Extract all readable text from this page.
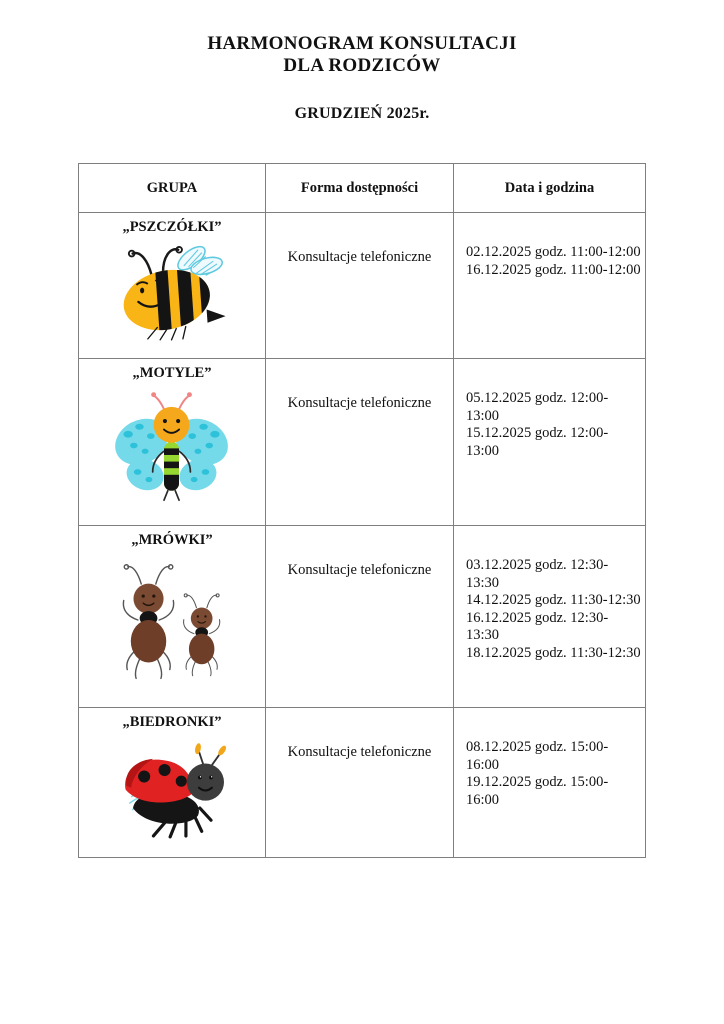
HARMONOGRAM KONSULTACJI
DLA RODZICÓW
GRUDZIEŃ 2025r.
GRUPA	Forma dostępności	Data i godzina

„PSZCZÓŁKI”	Konsultacje telefoniczne	02.12.2025 godz. 11:00-12:00
16.12.2025 godz. 11:00-12:00

„MOTYLE”	Konsultacje telefoniczne	05.12.2025 godz. 12:00-13:00
15.12.2025 godz. 12:00-13:00

„MRÓWKI”	Konsultacje telefoniczne	03.12.2025 godz. 12:30-13:30
14.12.2025 godz. 11:30-12:30
16.12.2025 godz. 12:30-13:30
18.12.2025 godz. 11:30-12:30

„BIEDRONKI”	Konsultacje telefoniczne	08.12.2025 godz. 15:00-16:00
19.12.2025 godz. 15:00-16:00
